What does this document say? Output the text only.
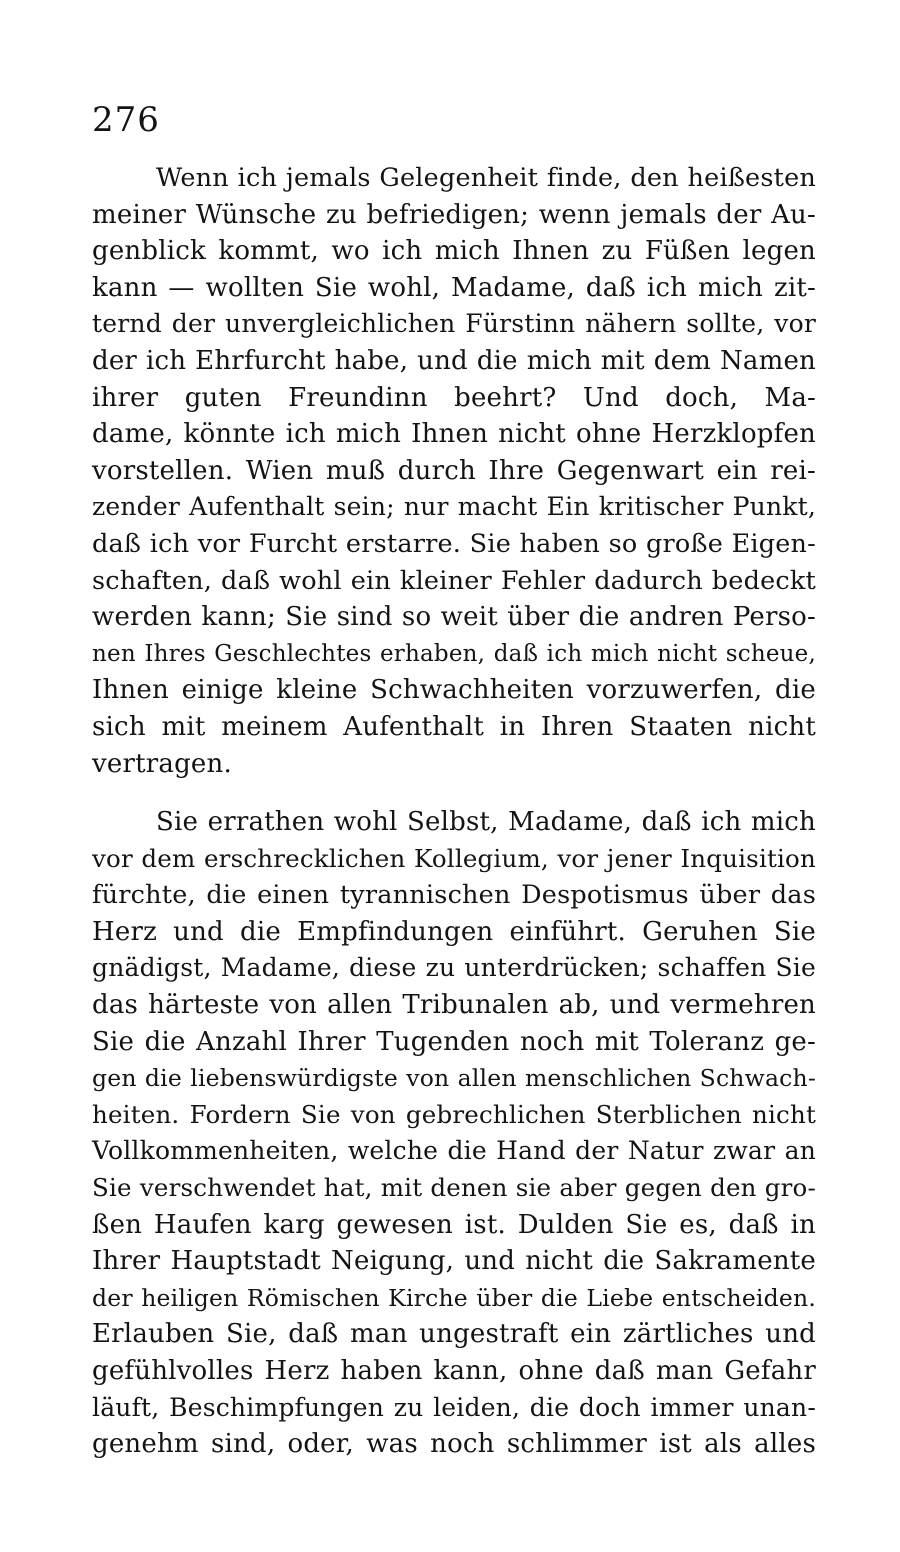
276
Wenn ich jemals Gelegenheit finde, den heißesten
meiner Wünsche zu befriedigen; wenn jemals der Au-
genblick kommt, wo ich mich Ihnen zu Füßen legen
kann — wollten Sie wohl, Madame, daß ich mich zit-
ternd der unvergleichlichen Fürstinn nähern sollte, vor
der ich Ehrfurcht habe, und die mich mit dem Namen
ihrer guten Freundinn beehrt? Und doch, Ma-
dame, könnte ich mich Ihnen nicht ohne Herzklopfen
vorstellen. Wien muß durch Ihre Gegenwart ein rei-
zender Aufenthalt sein; nur macht Ein kritischer Punkt,
daß ich vor Furcht erstarre. Sie haben so große Eigen-
schaften, daß wohl ein kleiner Fehler dadurch bedeckt
werden kann; Sie sind so weit über die andren Perso-
nen Ihres Geschlechtes erhaben, daß ich mich nicht scheue,
Ihnen einige kleine Schwachheiten vorzuwerfen, die
sich mit meinem Aufenthalt in Ihren Staaten nicht
vertragen.
Sie errathen wohl Selbst, Madame, daß ich mich
vor dem erschrecklichen Kollegium, vor jener Inquisition
fürchte, die einen tyrannischen Despotismus über das
Herz und die Empfindungen einführt. Geruhen Sie
gnädigst, Madame, diese zu unterdrücken; schaffen Sie
das härteste von allen Tribunalen ab, und vermehren
Sie die Anzahl Ihrer Tugenden noch mit Toleranz ge-
gen die liebenswürdigste von allen menschlichen Schwach-
heiten. Fordern Sie von gebrechlichen Sterblichen nicht
Vollkommenheiten, welche die Hand der Natur zwar an
Sie verschwendet hat, mit denen sie aber gegen den gro-
ßen Haufen karg gewesen ist. Dulden Sie es, daß in
Ihrer Hauptstadt Neigung, und nicht die Sakramente
der heiligen Römischen Kirche über die Liebe entscheiden.
Erlauben Sie, daß man ungestraft ein zärtliches und
gefühlvolles Herz haben kann, ohne daß man Gefahr
läuft, Beschimpfungen zu leiden, die doch immer unan-
genehm sind, oder, was noch schlimmer ist als alles
